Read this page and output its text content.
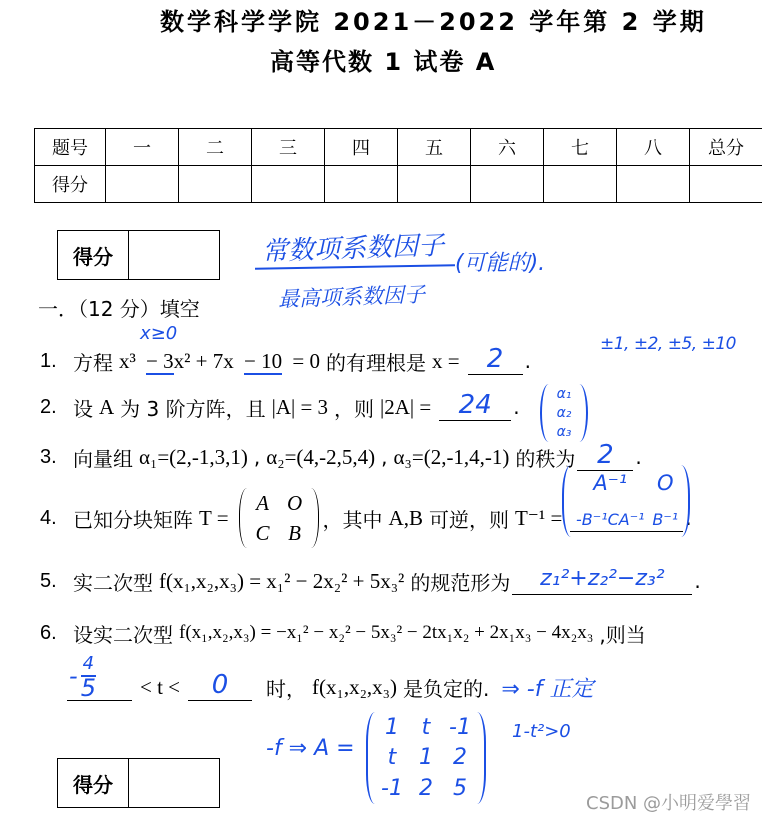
数学科学学院 2021－2022 学年第 2 学期
高等代数 1 试卷 A
题号	一	二	三	四	五	六	七	八	总分
得分									
得分	常数项系数因子
最高项系数因子
(可能的).
一．（12 分）填空
1. 方程 x³ − 3
x≥0
x² + 7x − 10 = 0 的有理根是 x =	2	.
±1, ±2, ±5, ±10
2. 设 A 为 3 阶方阵，且 |A| = 3 ，则 |2A| =	24	.
α₁
α₂
α₃
3. 向量组 α₁=(2,-1,3,1) , α₂=(4,-2,5,4) , α₃=(2,-1,4,-1) 的秩为 2	.
4. 已知分块矩阵 T =
A O
C B
，其中 A,B 可逆，则 T⁻¹ =
A⁻¹ O
-B⁻¹CA⁻¹ B⁻¹ .
5. 实二次型 f(x₁,x₂,x₃) = x₁² − 2x₂² + 5x₃² 的规范形为	z₁²+z₂²−z₃²	.
6. 设实二次型 f(x₁,x₂,x₃) = −x₁² − x₂² − 5x₃² − 2tx₁x₂ + 2x₁x₃ − 4x₂x₃ ,则当
- $\frac{4}{5} < t$ <	0	时， f(x₁,x₂,x₃) 是负定的. ⇒ -f 正定
-f ⇒ A =
1 t -1
t 1 2
-1 2 5
1-t²>0
得分
CSDN @小明爱學習
